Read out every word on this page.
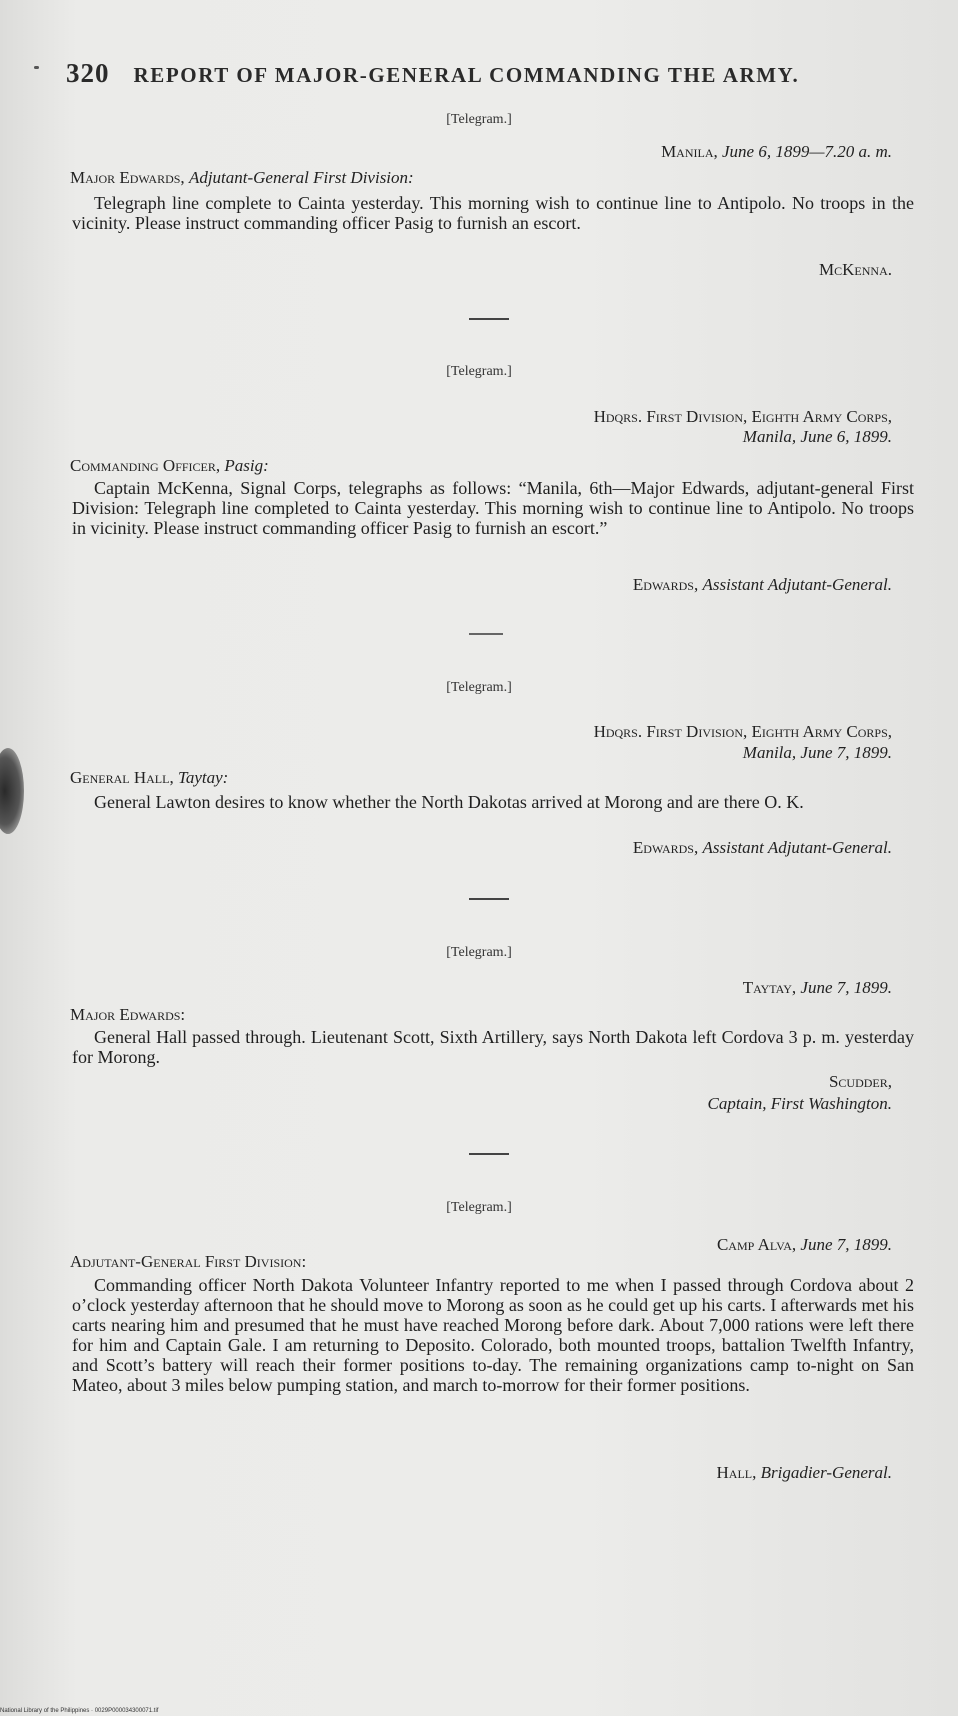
320 REPORT OF MAJOR-GENERAL COMMANDING THE ARMY.
[Telegram.]
Manila, June 6, 1899—7.20 a. m.
Major Edwards, Adjutant-General First Division:
Telegraph line complete to Cainta yesterday. This morning wish to continue line to Antipolo. No troops in the vicinity. Please instruct commanding officer Pasig to furnish an escort.
McKenna.
[Telegram.]
Hdqrs. First Division, Eighth Army Corps,
Manila, June 6, 1899.
Commanding Officer, Pasig:
Captain McKenna, Signal Corps, telegraphs as follows: “Manila, 6th—Major Edwards, adjutant-general First Division: Telegraph line completed to Cainta yesterday. This morning wish to continue line to Antipolo. No troops in vicinity. Please instruct commanding officer Pasig to furnish an escort.”
Edwards, Assistant Adjutant-General.
[Telegram.]
Hdqrs. First Division, Eighth Army Corps,
Manila, June 7, 1899.
General Hall, Taytay:
General Lawton desires to know whether the North Dakotas arrived at Morong and are there O. K.
Edwards, Assistant Adjutant-General.
[Telegram.]
Taytay, June 7, 1899.
Major Edwards:
General Hall passed through. Lieutenant Scott, Sixth Artillery, says North Dakota left Cordova 3 p. m. yesterday for Morong.
Scudder,
Captain, First Washington.
[Telegram.]
Camp Alva, June 7, 1899.
Adjutant-General First Division:
Commanding officer North Dakota Volunteer Infantry reported to me when I passed through Cordova about 2 o’clock yesterday afternoon that he should move to Morong as soon as he could get up his carts. I afterwards met his carts nearing him and presumed that he must have reached Morong before dark. About 7,000 rations were left there for him and Captain Gale. I am returning to Deposito. Colorado, both mounted troops, battalion Twelfth Infantry, and Scott’s battery will reach their former positions to-day. The remaining organizations camp to-night on San Mateo, about 3 miles below pumping station, and march to-morrow for their former positions.
Hall, Brigadier-General.
National Library of the Philippines · 0029P000034300071.tif
